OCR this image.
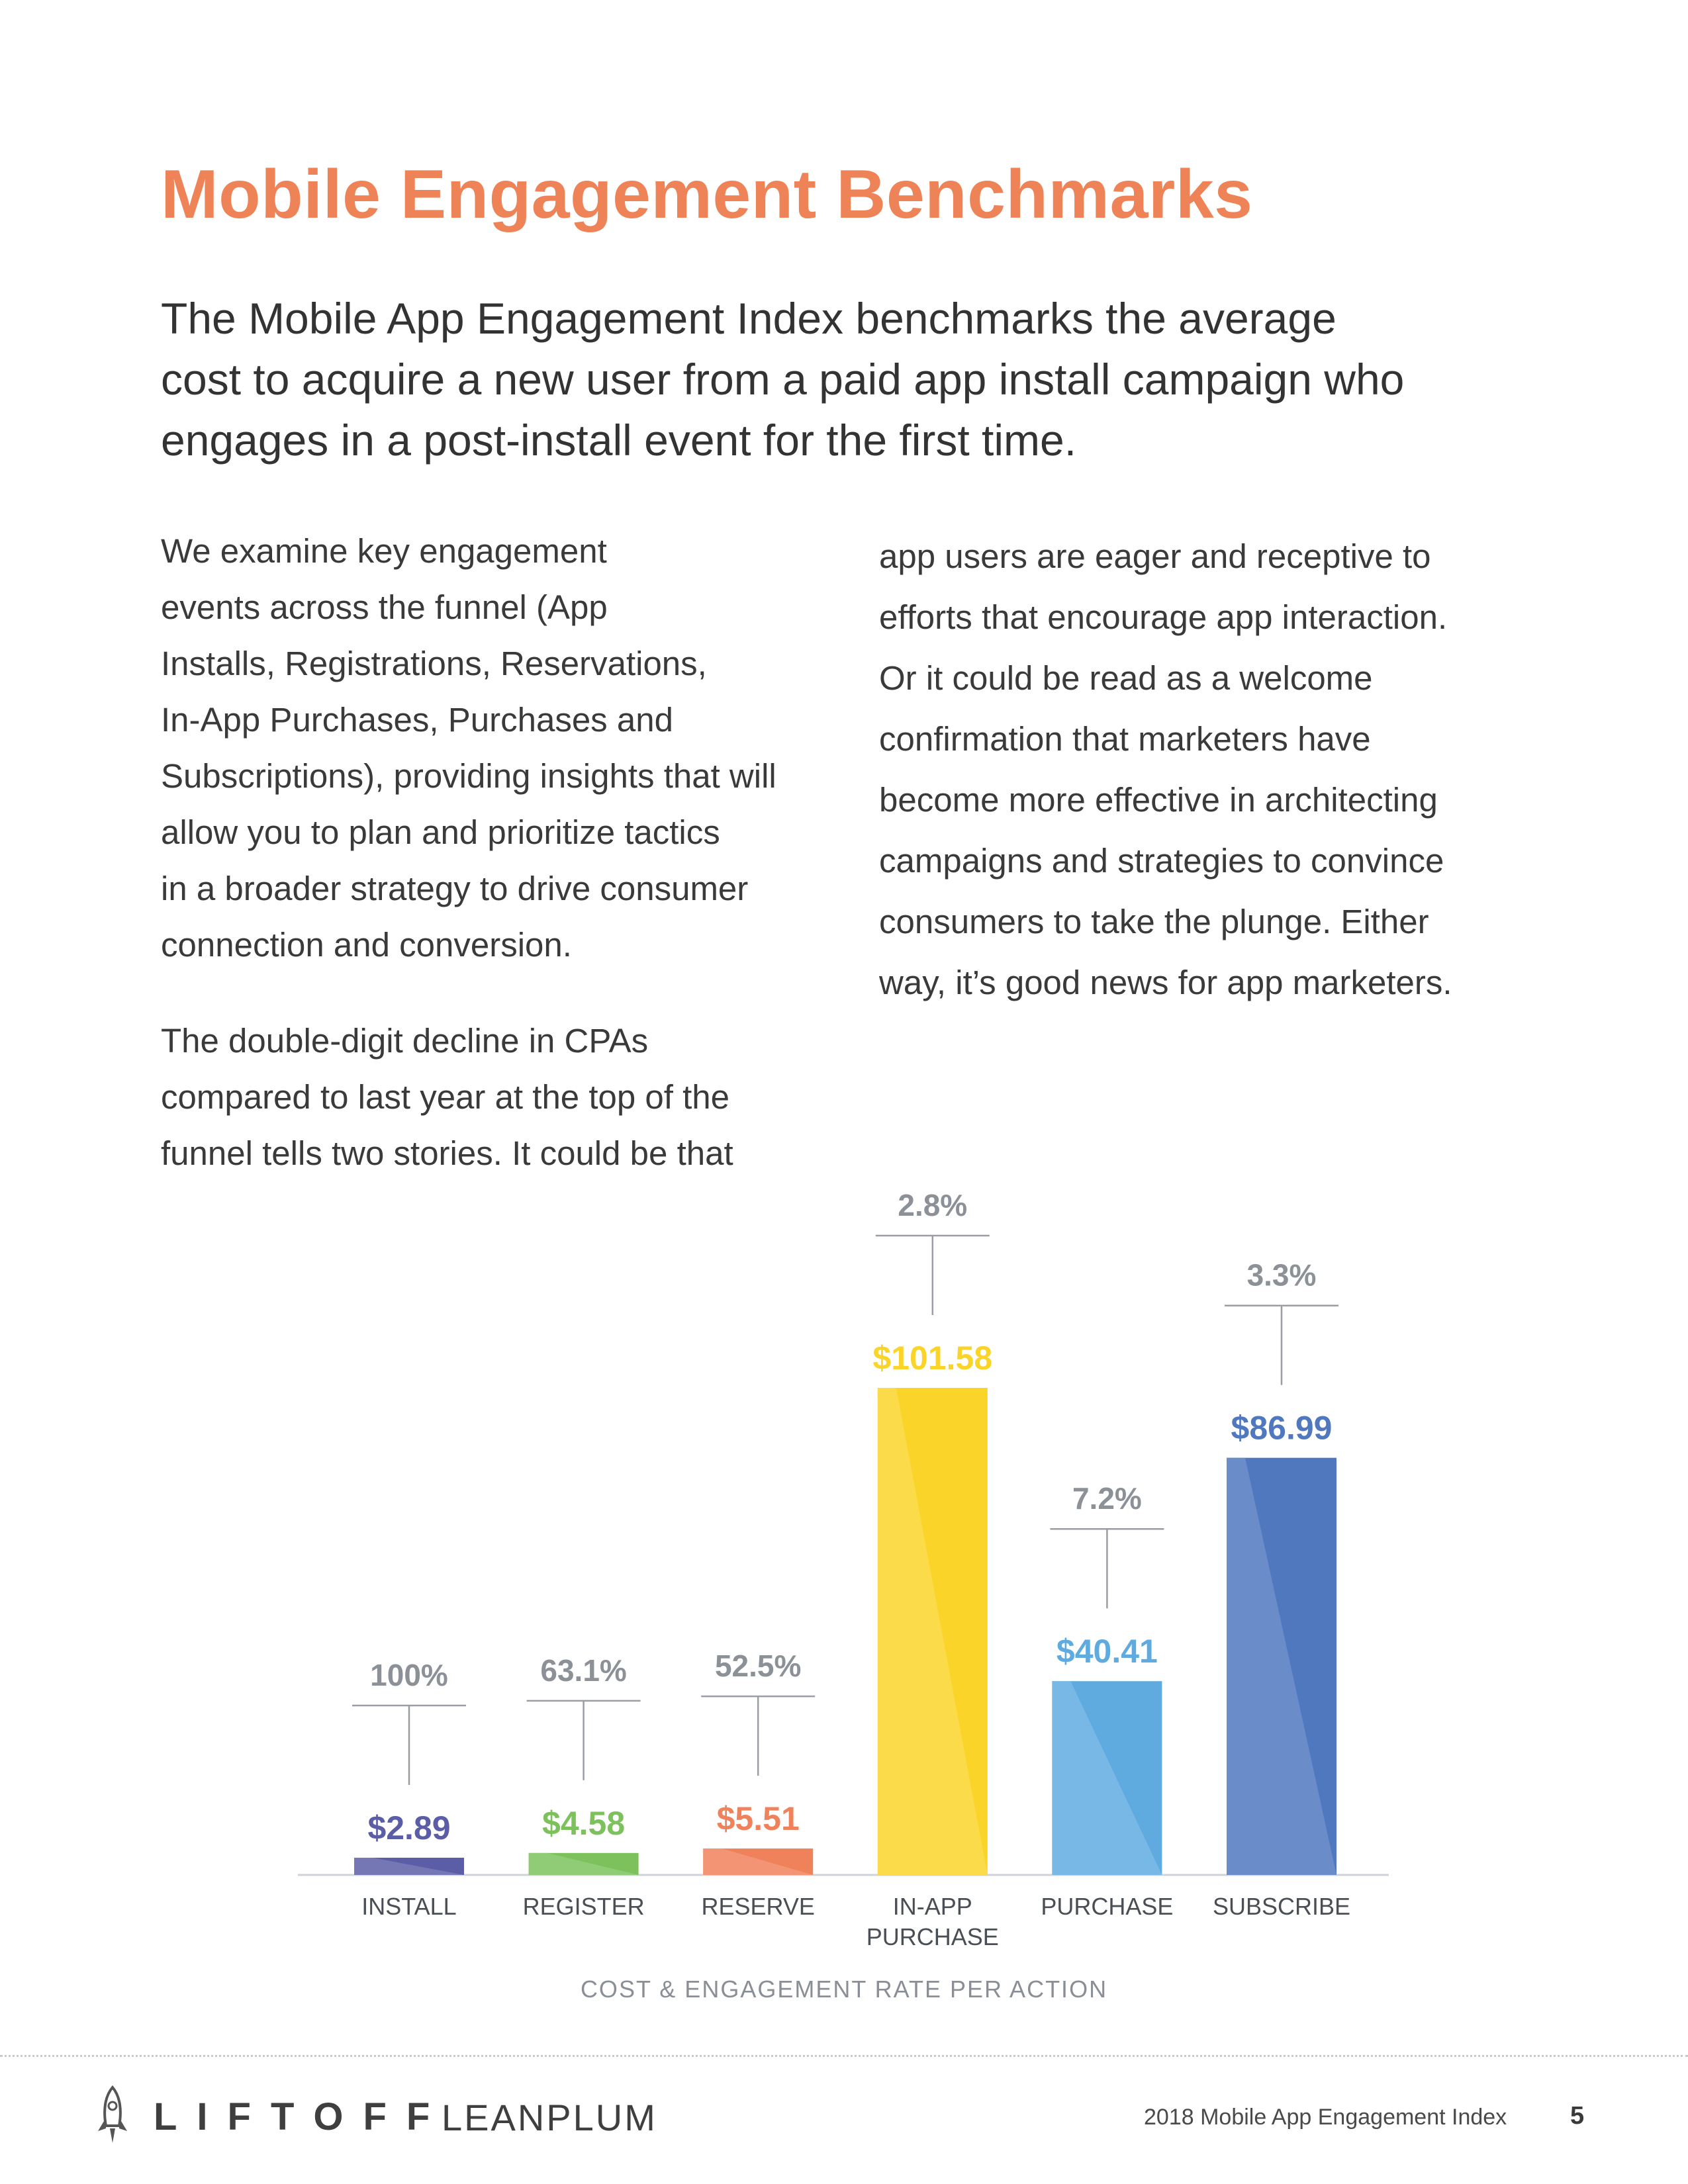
Mobile Engagement Benchmarks
The Mobile App Engagement Index benchmarks the average
cost to acquire a new user from a paid app install campaign who
engages in a post-install event for the first time.
We examine key engagement
events across the funnel (App
Installs, Registrations, Reservations,
In-App Purchases, Purchases and
Subscriptions), providing insights that will
allow you to plan and prioritize tactics
in a broader strategy to drive consumer
connection and conversion.
The double-digit decline in CPAs
compared to last year at the top of the
funnel tells two stories. It could be that
app users are eager and receptive to
efforts that encourage app interaction.
Or it could be read as a welcome
confirmation that marketers have
become more effective in architecting
campaigns and strategies to convince
consumers to take the plunge. Either
way, it’s good news for app marketers.
$2.89
100%
INSTALL
$4.58
63.1%
REGISTER
$5.51
52.5%
RESERVE
$101.58
2.8%
IN-APP
PURCHASE
$40.41
7.2%
PURCHASE
$86.99
3.3%
SUBSCRIBE
COST & ENGAGEMENT RATE PER ACTION
LIFTOFF
LEANPLUM	2018 Mobile App Engagement Index	5
